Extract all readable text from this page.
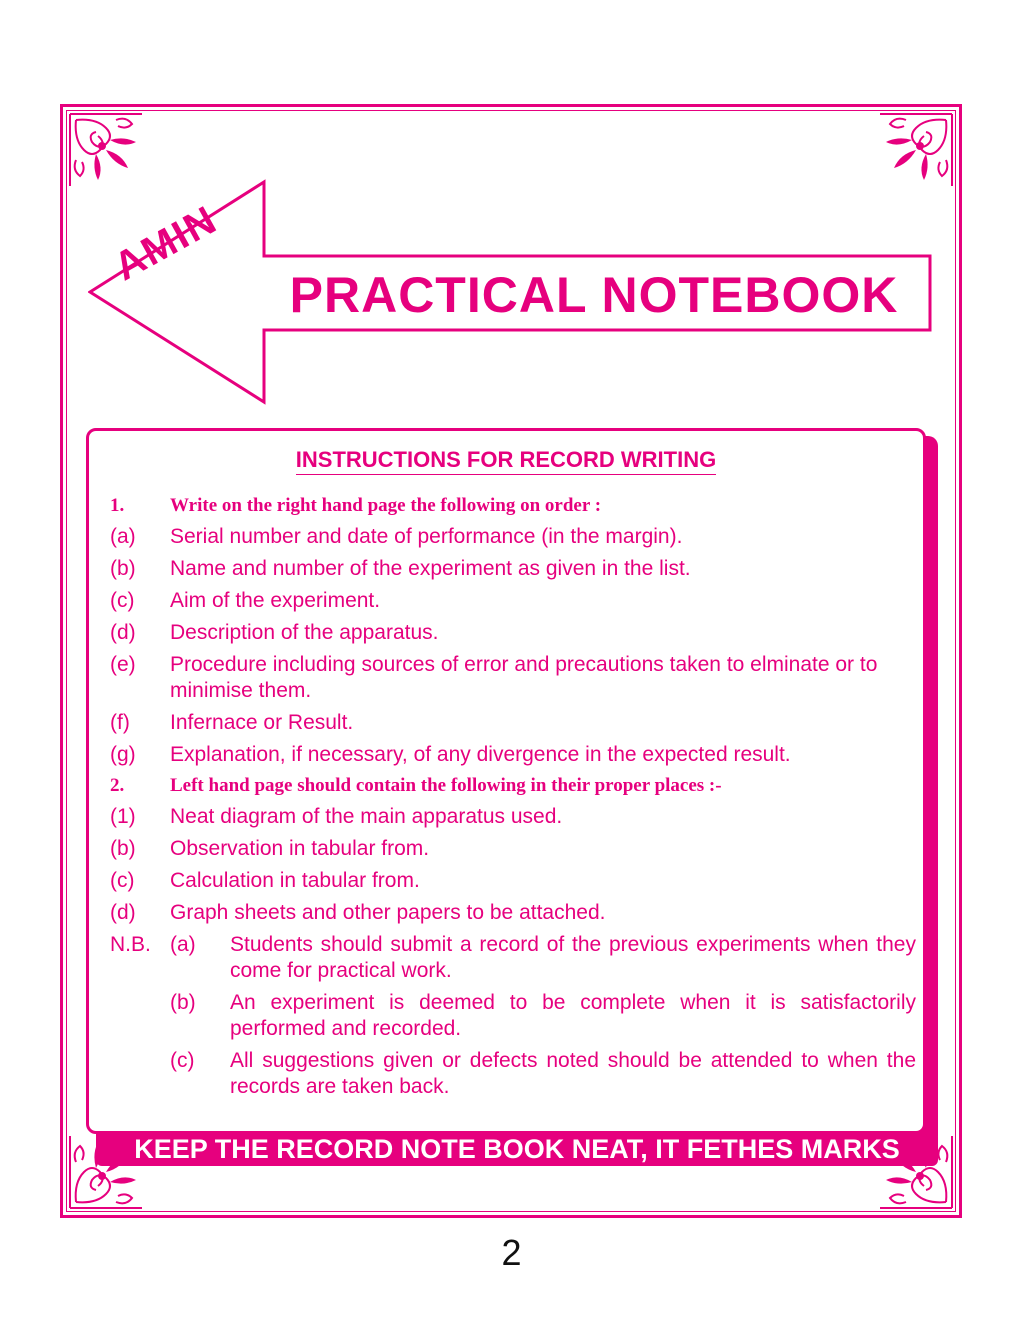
AMIN
PRACTICAL NOTEBOOK
INSTRUCTIONS FOR RECORD WRITING
1.	Write on the right hand page the following on order :
(a)	Serial number and date of performance (in the margin).
(b)	Name and number of the experiment as given in the list.
(c)	Aim of the experiment.
(d)	Description of the apparatus.
(e)	Procedure including sources of error and precautions taken to elminate or to minimise them.
(f)	Infernace or Result.
(g)	Explanation, if necessary, of any divergence in the expected result.
2.	Left hand page should contain the following in their proper places :-
(1)	Neat diagram of the main apparatus used.
(b)	Observation in tabular from.
(c)	Calculation in tabular from.
(d)	Graph sheets and other papers to be attached.
N.B. (a)	Students should submit a record of the previous experiments when they come for practical work.
(b)	An experiment is deemed to be complete when it is satisfactorily performed and recorded.
(c)	All suggestions given or defects noted should be attended to when the records are taken back.
KEEP THE RECORD NOTE BOOK NEAT, IT FETHES MARKS
2
